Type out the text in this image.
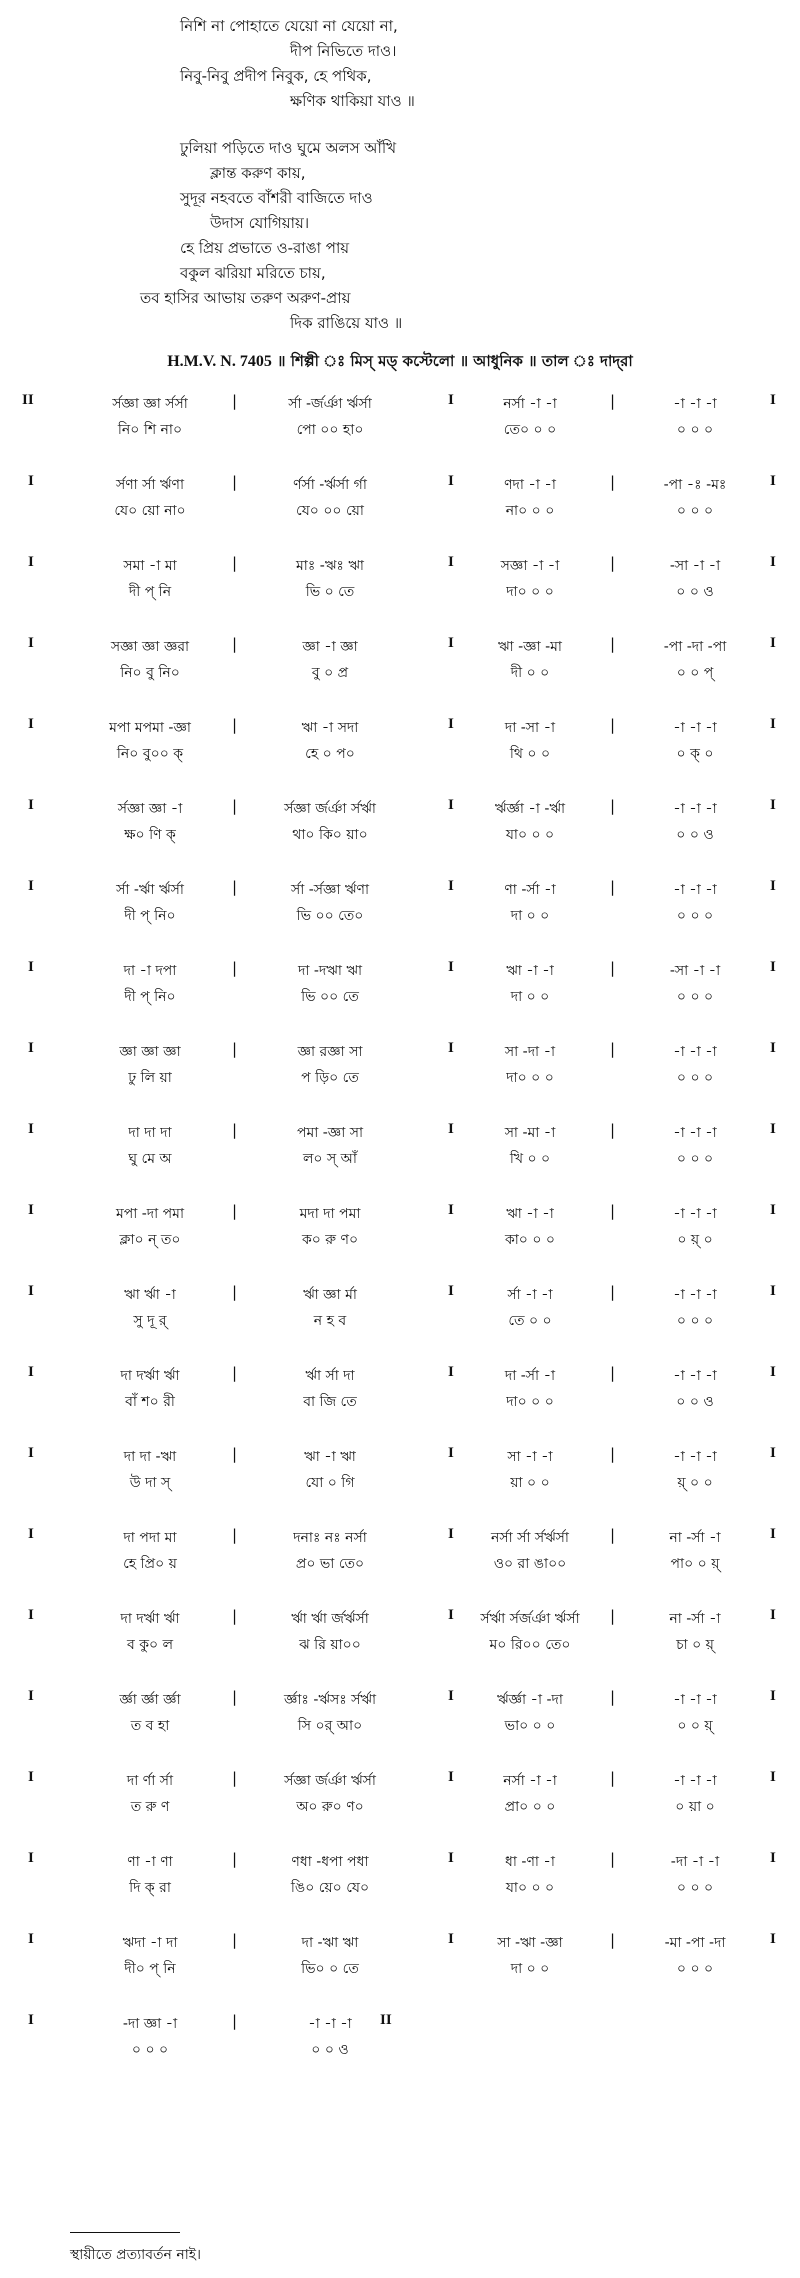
নিশি না পোহাতে যেয়ো না যেয়ো না,
দীপ নিভিতে দাও।
নিবু-নিবু প্রদীপ নিবুক, হে পথিক,
ক্ষণিক থাকিয়া যাও ॥
ঢুলিয়া পড়িতে দাও ঘুমে অলস আঁখি
ক্লান্ত করুণ কায়,
সুদূর নহবতে বাঁশরী বাজিতে দাও
উদাস যোগিয়ায়।
হে প্রিয় প্রভাতে ও-রাঙা পায়
বকুল ঝরিয়া মরিতে চায়,
তব হাসির আভায় তরুণ অরুণ-প্রায়
দিক রাঙিয়ে যাও ॥
H.M.V. N. 7405 ॥ শিল্পী ঃ মিস্ মড্ কস্টেলো ॥ আধুনিক ॥ তাল ঃ দাদ্‌রা
II	র্সজ্ঞা জ্ঞা র্সর্সা	|	র্সা -র্জর্ঞা র্ঋর্সা	I	নর্সা -া -া	|	-া -া -া	I
নি০ শি না০	পো ০০ হা০	তে০ ০ ০	০ ০ ০
I	র্সণা র্সা র্ঋণা	|	র্ণর্সা -র্ঋর্সা র্গা	I	ণদা -া -া	|	-পা -ঃ -মঃ	I
যে০ য়ো না০	যে০ ০০ য়ো	না০ ০ ০	০ ০ ০
I	সমা -া মা	|	মাঃ -ঋঃ ঋা	I	সজ্ঞা -া -া	|	-সা -া -া	I
দী প্ নি	ভি ০ তে	দা০ ০ ০	০ ০ ও
I	সজ্ঞা জ্ঞা জ্ঞরা	|	জ্ঞা -া জ্ঞা	I	ঋা -জ্ঞা -মা	|	-পা -দা -পা	I
নি০ বু নি০	বু ০ প্র	দী ০ ০	০ ০ প্
I	মপা মপমা -জ্ঞা	|	ঋা -া সদা	I	দা -সা -া	|	-া -া -া	I
নি০ বু০০ ক্	হে ০ প০	থি ০ ০	০ ক্ ০
I	র্সজ্ঞা জ্ঞা -া	|	র্সজ্ঞা র্জর্ঞা র্সর্ঋা	I	র্ঋর্জ্ঞা -া -র্ঋা	|	-া -া -া	I
ক্ষ০ ণি ক্	থা০ কি০ য়া০	যা০ ০ ০	০ ০ ও
I	র্সা -র্ঋা র্ঋর্সা	|	র্সা -র্সজ্ঞা র্ঋণা	I	ণা -র্সা -া	|	-া -া -া	I
দী প্ নি০	ভি ০০ তে০	দা ০ ০	০ ০ ০
I	দা -া দপা	|	দা -দঋা ঋা	I	ঋা -া -া	|	-সা -া -া	I
দী প্ নি০	ভি ০০ তে	দা ০ ০	০ ০ ০
I	জ্ঞা জ্ঞা জ্ঞা	|	জ্ঞা রজ্ঞা সা	I	সা -দা -া	|	-া -া -া	I
ঢু লি য়া	প ড়ি০ তে	দা০ ০ ০	০ ০ ০
I	দা দা দা	|	পমা -জ্ঞা সা	I	সা -মা -া	|	-া -া -া	I
ঘু মে অ	ল০ স্ আঁ	খি ০ ০	০ ০ ০
I	মপা -দা পমা	|	মদা দা পমা	I	ঋা -া -া	|	-া -া -া	I
ক্লা০ ন্ ত০	ক০ রু ণ০	কা০ ০ ০	০ য়্ ০
I	ঋা র্ঋা -া	|	র্ঋা জ্ঞা র্মা	I	র্সা -া -া	|	-া -া -া	I
সু দূ র্	ন হ ব	তে ০ ০	০ ০ ০
I	দা দর্ঋা র্ঋা	|	র্ঋা র্সা দা	I	দা -র্সা -া	|	-া -া -া	I
বাঁ শ০ রী	বা জি তে	দা০ ০ ০	০ ০ ও
I	দা দা -ঋা	|	ঋা -া ঋা	I	সা -া -া	|	-া -া -া	I
উ দা স্	যো ০ গি	য়া ০ ০	য়্ ০ ০
I	দা পদা মা	|	দনাঃ নঃ নর্সা	I	নর্সা র্সা র্সর্ঋর্সা	|	না -র্সা -া	I
হে প্রি০ য়	প্র০ ভা তে০	ও০ রা ঙা০০	পা০ ০ য়্
I	দা দর্ঋা র্ঋা	|	র্ঋা র্ঋা র্জর্ঋর্সা	I	র্সর্ঋা র্সর্জর্ঞা র্ঋর্সা	|	না -র্সা -া	I
ব কু০ ল	ঝ রি য়া০০	ম০ রি০০ তে০	চা ০ য়্
I	র্জ্ঞা র্জ্ঞা র্জ্ঞা	|	র্জ্ঞাঃ -র্ঋসঃ র্সর্ঋা	I	র্ঋর্জ্ঞা -া -দা	|	-া -া -া	I
ত ব হা	সি ০র্ আ০	ভা০ ০ ০	০ ০ য়্
I	দা র্ণা র্সা	|	র্সজ্ঞা র্জর্ঞা র্ঋর্সা	I	নর্সা -া -া	|	-া -া -া	I
ত রু ণ	অ০ রু০ ণ০	প্রা০ ০ ০	০ য়া ০
I	ণা -া ণা	|	ণধা -ধপা পধা	I	ধা -ণা -া	|	-দা -া -া	I
দি ক্ রা	ঙি০ য়ে০ যে০	যা০ ০ ০	০ ০ ০
I	ঋদা -া দা	|	দা -ঋা ঋা	I	সা -ঋা -জ্ঞা	|	-মা -পা -দা	I
দী০ প্ নি	ভি০ ০ তে	দা ০ ০	০ ০ ০
I	-দা জ্ঞা -া	|	-া -া -া	II
০ ০ ০	০ ০ ও
স্থায়ীতে প্রত্যাবর্তন নাই।
